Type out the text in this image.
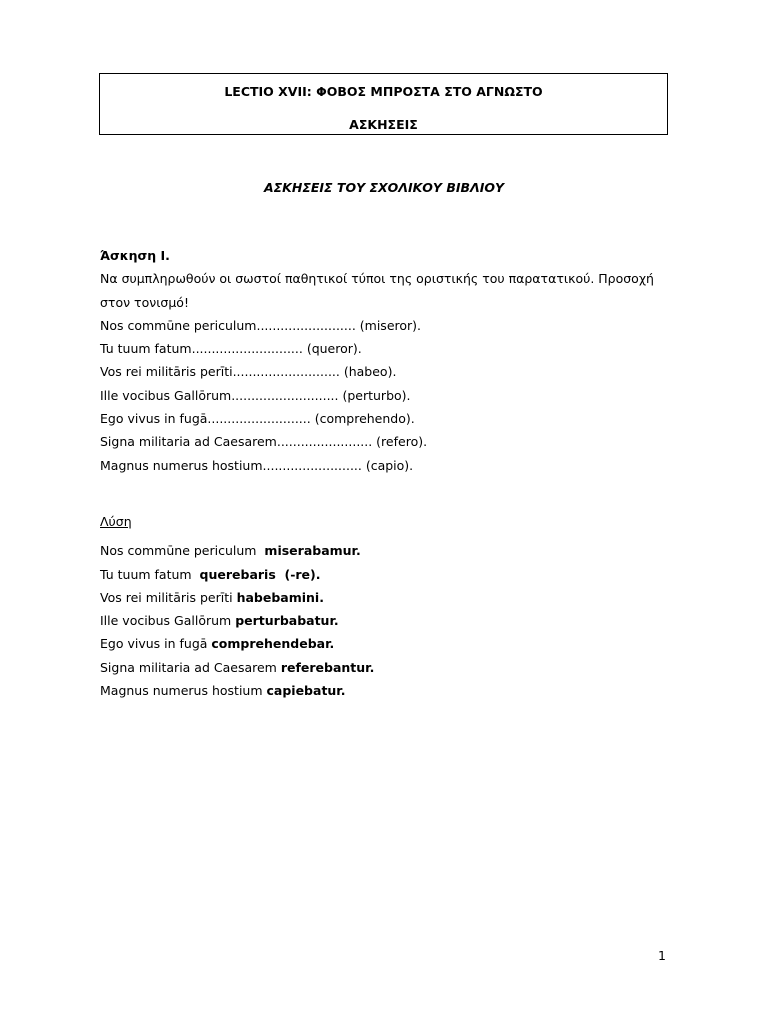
LECTIO XVII: ΦΟΒΟΣ ΜΠΡΟΣΤΑ ΣΤΟ ΑΓΝΩΣΤΟ
ΑΣΚΗΣΕΙΣ
ΑΣΚΗΣΕΙΣ ΤΟΥ ΣΧΟΛΙΚΟΥ ΒΙΒΛΙΟΥ
Άσκηση Ι.
Να συμπληρωθούν οι σωστοί παθητικοί τύποι της οριστικής του παρατατικού. Προσοχή στον τονισμό!
Nos commūne periculum......................... (miseror).
Tu tuum fatum............................ (queror).
Vos rei militāris perīti........................... (habeo).
Ille vocibus Gallōrum........................... (perturbo).
Ego vivus in fugā.......................... (comprehendo).
Signa militaria ad Caesarem........................ (refero).
Magnus numerus hostium......................... (capio).
Λύση
Nos commūne periculum  miserabamur.
Tu tuum fatum  querebaris  (-re).
Vos rei militāris perīti habebamini.
Ille vocibus Gallōrum perturbabatur.
Ego vivus in fugā comprehendebar.
Signa militaria ad Caesarem referebantur.
Magnus numerus hostium capiebatur.
1
